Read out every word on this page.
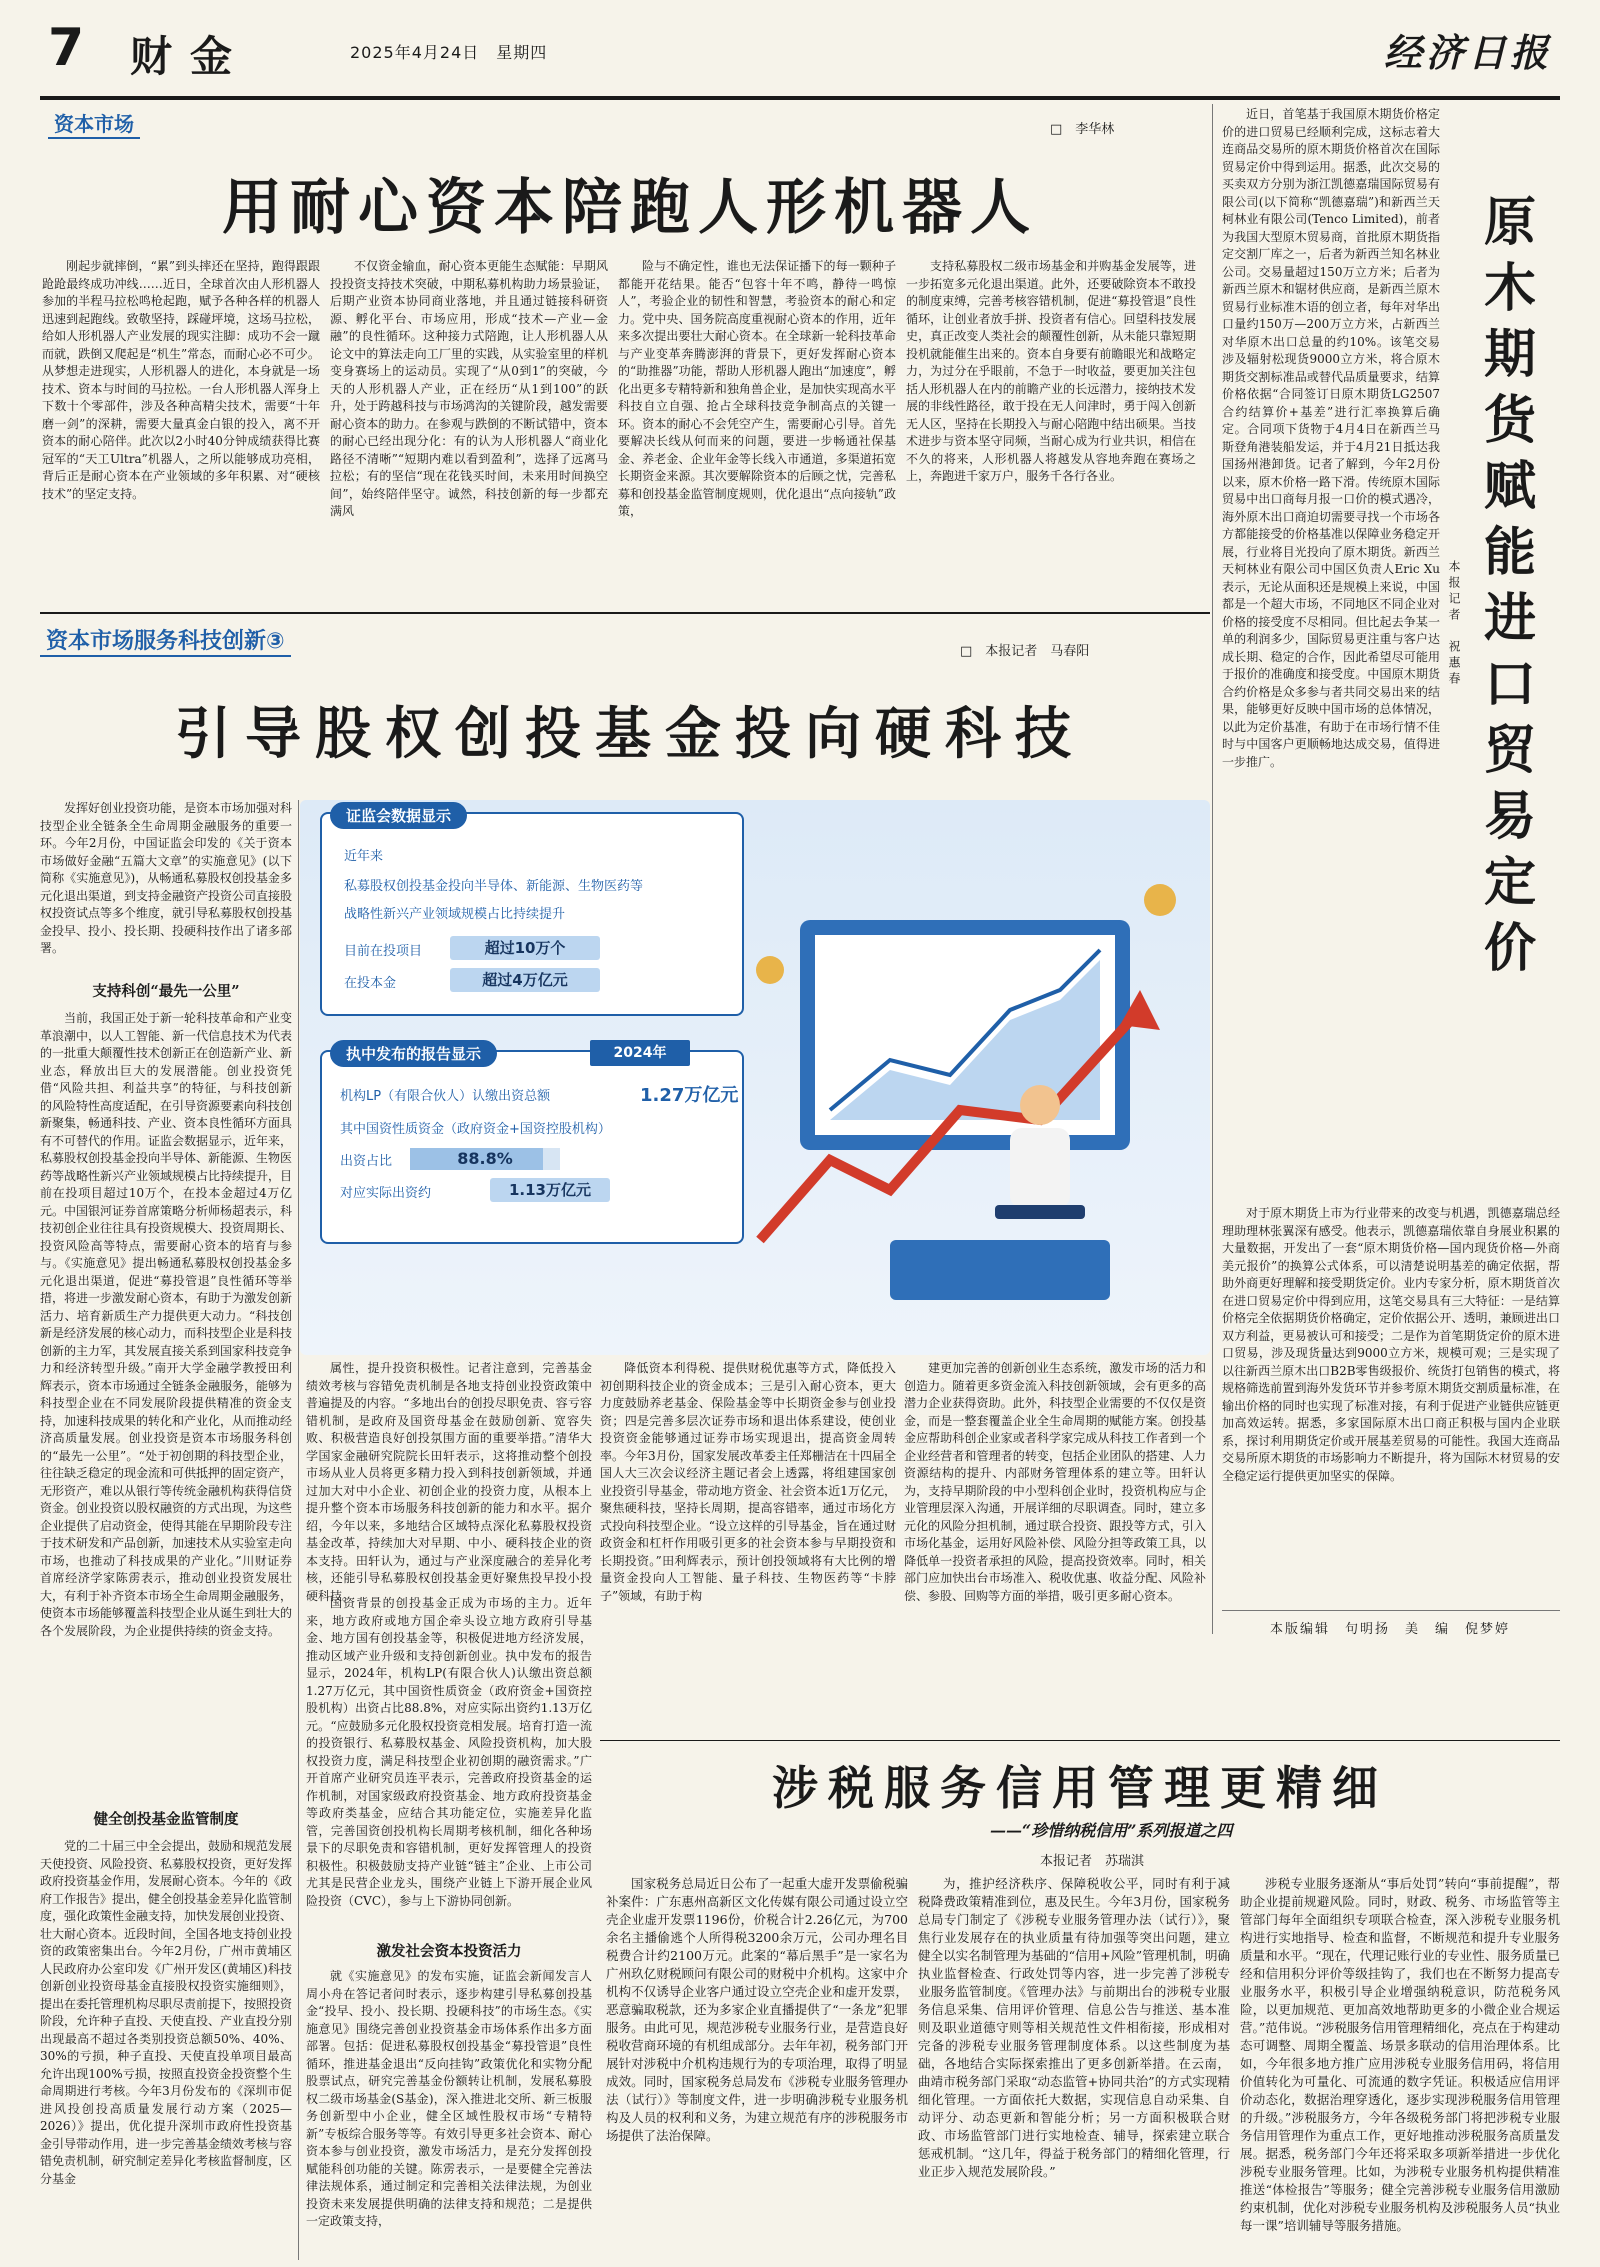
7 财金	2025年4月24日　星期四	经济日报
资本市场	□　李华林
用耐心资本陪跑人形机器人
刚起步就摔倒，“累”到头摔还在坚持，跑得跟跟跄跄最终成功冲线……近日，全球首次由人形机器人参加的半程马拉松鸣枪起跑，赋予各种各样的机器人迅速到起跑线。致敬坚持，踩碰坪境，这场马拉松，给如人形机器人产业发展的现实注脚：成功不会一蹴而就，跌倒又爬起是“机生”常态，而耐心必不可少。从梦想走进现实，人形机器人的进化，本身就是一场技术、资本与时间的马拉松。一台人形机器人浑身上下数十个零部件，涉及各种高精尖技术，需要“十年磨一剑”的深耕，需要大量真金白银的投入，离不开资本的耐心陪伴。此次以2小时40分钟成绩获得比赛冠军的“天工Ultra”机器人，之所以能够成功亮相，背后正是耐心资本在产业领域的多年积累、对“硬核技术”的坚定支持。
不仅资金输血，耐心资本更能生态赋能：早期风投投资支持技术突破，中期私募机构助力场景验证，后期产业资本协同商业落地，并且通过链接科研资源、孵化平台、市场应用，形成“技术—产业—金融”的良性循环。这种接力式陪跑，让人形机器人从论文中的算法走向工厂里的实践，从实验室里的样机变身赛场上的运动员。实现了“从0到1”的突破，今天的人形机器人产业，正在经历“从1到100”的跃升，处于跨越科技与市场鸿沟的关键阶段，越发需要耐心资本的助力。在参观与跌倒的不断试错中，资本的耐心已经出现分化：有的认为人形机器人“商业化路径不清晰”“短期内难以看到盈利”，选择了远离马拉松；有的坚信“现在花钱买时间，未来用时间换空间”，始终陪伴坚守。诚然，科技创新的每一步都充满风
险与不确定性，谁也无法保证播下的每一颗种子都能开花结果。能否“包容十年不鸣，静待一鸣惊人”，考验企业的韧性和智慧，考验资本的耐心和定力。党中央、国务院高度重视耐心资本的作用，近年来多次提出要壮大耐心资本。在全球新一轮科技革命与产业变革奔腾澎湃的背景下，更好发挥耐心资本的“助推器”功能，帮助人形机器人跑出“加速度”，孵化出更多专精特新和独角兽企业，是加快实现高水平科技自立自强、抢占全球科技竞争制高点的关键一环。资本的耐心不会凭空产生，需要耐心引导。首先要解决长线从何而来的问题，要进一步畅通社保基金、养老金、企业年金等长线入市通道，多渠道拓宽长期资金来源。其次要解除资本的后顾之忧，完善私募和创投基金监管制度规则，优化退出“点向接轨”政策，
支持私募股权二级市场基金和并购基金发展等，进一步拓宽多元化退出渠道。此外，还要破除资本不敢投的制度束缚，完善考核容错机制，促进“募投管退”良性循环，让创业者放手拼、投资者有信心。回望科技发展史，真正改变人类社会的颠覆性创新，从未能只靠短期投机就能催生出来的。资本自身要有前瞻眼光和战略定力，为过分在乎眼前，不急于一时收益，要更加关注包括人形机器人在内的前瞻产业的长远潜力，接纳技术发展的非线性路径，敢于投在无人问津时，勇于闯入创新无人区，坚持在长期投入与耐心陪跑中结出硕果。当技术进步与资本坚守同频，当耐心成为行业共识，相信在不久的将来，人形机器人将越发从容地奔跑在赛场之上，奔跑进千家万户，服务千各行各业。
资本市场服务科技创新③	□　本报记者　马春阳
引导股权创投基金投向硬科技
发挥好创业投资功能，是资本市场加强对科技型企业全链条全生命周期金融服务的重要一环。今年2月份，中国证监会印发的《关于资本市场做好金融“五篇大文章”的实施意见》(以下简称《实施意见》)，从畅通私募股权创投基金多元化退出渠道，到支持金融资产投资公司直接股权投资试点等多个维度，就引导私募股权创投基金投早、投小、投长期、投硬科技作出了诸多部署。
支持科创“最先一公里”
当前，我国正处于新一轮科技革命和产业变革浪潮中，以人工智能、新一代信息技术为代表的一批重大颠覆性技术创新正在创造新产业、新业态，释放出巨大的发展潜能。创业投资凭借“风险共担、利益共享”的特征，与科技创新的风险特性高度适配，在引导资源要素向科技创新聚集，畅通科技、产业、资本良性循环方面具有不可替代的作用。证监会数据显示，近年来，私募股权创投基金投向半导体、新能源、生物医药等战略性新兴产业领域规模占比持续提升，目前在投项目超过10万个，在投本金超过4万亿元。中国银河证券首席策略分析师杨超表示，科技初创企业往往具有投资规模大、投资周期长、投资风险高等特点，需要耐心资本的培育与参与。《实施意见》提出畅通私募股权创投基金多元化退出渠道，促进“募投管退”良性循环等举措，将进一步激发耐心资本，有助于为激发创新活力、培育新质生产力提供更大动力。“科技创新是经济发展的核心动力，而科技型企业是科技创新的主力军，其发展直接关系到国家科技竞争力和经济转型升级。”南开大学金融学教授田利辉表示，资本市场通过全链条金融服务，能够为科技型企业在不同发展阶段提供精准的资金支持，加速科技成果的转化和产业化，从而推动经济高质量发展。创业投资是资本市场服务科创的“最先一公里”。“处于初创期的科技型企业，往往缺乏稳定的现金流和可供抵押的固定资产，无形资产，难以从银行等传统金融机构获得信贷资金。创业投资以股权融资的方式出现，为这些企业提供了启动资金，使得其能在早期阶段专注于技术研发和产品创新，加速技术从实验室走向市场，也推动了科技成果的产业化。”川财证券首席经济学家陈雳表示，推动创业投资发展壮大，有利于补齐资本市场全生命周期金融服务，使资本市场能够覆盖科技型企业从诞生到壮大的各个发展阶段，为企业提供持续的资金支持。
健全创投基金监管制度
党的二十届三中全会提出，鼓励和规范发展天使投资、风险投资、私募股权投资，更好发挥政府投资基金作用，发展耐心资本。今年的《政府工作报告》提出，健全创投基金差异化监管制度，强化政策性金融支持，加快发展创业投资、壮大耐心资本。近段时间，全国各地支持创业投资的政策密集出台。今年2月份，广州市黄埔区人民政府办公室印发《广州开发区(黄埔区)科技创新创业投资母基金直接股权投资实施细则》，提出在委托管理机构尽职尽责前提下，按照投资阶段，允许种子直投、天使直投、产业直投分别出现最高不超过各类别投资总额50%、40%、30%的亏损，种子直投、天使直投单项目最高允许出现100%亏损，按照直投资金投资整个生命周期进行考核。今年3月份发布的《深圳市促进风投创投高质量发展行动方案（2025—2026）》提出，优化提升深圳市政府性投资基金引导带动作用，进一步完善基金绩效考核与容错免责机制，研究制定差异化考核监督制度，区分基金
证监会数据显示
近年来
私募股权创投基金投向半导体、新能源、生物医药等
战略性新兴产业领域规模占比持续提升
目前在投项目	超过10万个
在投本金	超过4万亿元
执中发布的报告显示	2024年
机构LP（有限合伙人）认缴出资总额	1.27万亿元
其中国资性质资金（政府资金+国资控股机构）
出资占比	88.8%
对应实际出资约	1.13万亿元
属性，提升投资积极性。记者注意到，完善基金绩效考核与容错免责机制是各地支持创业投资政策中普遍提及的内容。“多地出台的创投尽职免责、容亏容错机制，是政府及国资母基金在鼓励创新、宽容失败、积极营造良好创投氛围方面的重要举措。”清华大学国家金融研究院院长田轩表示，这将推动整个创投市场从业人员将更多精力投入到科技创新领域，并通过加大对中小企业、初创企业的投资力度，从根本上提升整个资本市场服务科技创新的能力和水平。据介绍，今年以来，多地结合区域特点深化私募股权投资基金改革，持续加大对早期、中小、硬科技企业的资本支持。田轩认为，通过与产业深度融合的差异化考核，还能引导私募股权创投基金更好聚焦投早投小投硬科技。
国资背景的创投基金正成为市场的主力。近年来，地方政府或地方国企牵头设立地方政府引导基金、地方国有创投基金等，积极促进地方经济发展，推动区域产业升级和支持创新创业。执中发布的报告显示，2024年，机构LP(有限合伙人)认缴出资总额1.27万亿元，其中国资性质资金（政府资金+国资控股机构）出资占比88.8%，对应实际出资约1.13万亿元。“应鼓励多元化股权投资竞相发展。培育打造一流的投资银行、私募股权基金、风险投资机构，加大股权投资力度，满足科技型企业初创期的融资需求。”广开首席产业研究员连平表示，完善政府投资基金的运作机制，对国家级政府投资基金、地方政府投资基金等政府类基金，应结合其功能定位，实施差异化监管，完善国资创投机构长周期考核机制，细化各种场景下的尽职免责和容错机制，更好发挥管理人的投资积极性。积极鼓励支持产业链“链主”企业、上市公司尤其是民营企业龙头，围绕产业链上下游开展企业风险投资（CVC），参与上下游协同创新。
激发社会资本投资活力
就《实施意见》的发布实施，证监会新闻发言人周小舟在答记者问时表示，逐步构建引导私募创投基金“投早、投小、投长期、投硬科技”的市场生态。《实施意见》围绕完善创业投资基金市场体系作出多方面部署。包括：促进私募股权创投基金“募投管退”良性循环，推进基金退出“反向挂钩”政策优化和实物分配股票试点，研究完善基金份额转让机制，发展私募股权二级市场基金(S基金)，深入推进北交所、新三板服务创新型中小企业，健全区域性股权市场“专精特新”专板综合服务等等。有效引导更多社会资本、耐心资本参与创业投资，激发市场活力，是充分发挥创投赋能科创功能的关键。陈雳表示，一是要健全完善法律法规体系，通过制定和完善相关法律法规，为创业投资未来发展提供明确的法律支持和规范；二是提供一定政策支持，
降低资本利得税、提供财税优惠等方式，降低投入初创期科技企业的资金成本；三是引入耐心资本，更大力度鼓励养老基金、保险基金等中长期资金参与创业投资；四是完善多层次证券市场和退出体系建设，使创业投资资金能够通过证券市场实现退出，提高资金周转率。今年3月份，国家发展改革委主任郑栅洁在十四届全国人大三次会议经济主题记者会上透露，将组建国家创业投资引导基金，带动地方资金、社会资本近1万亿元，聚焦硬科技，坚持长周期，提高容错率，通过市场化方式投向科技型企业。“设立这样的引导基金，旨在通过财政资金和杠杆作用吸引更多的社会资本参与早期投资和长期投资。”田利辉表示，预计创投领域将有大比例的增量资金投向人工智能、量子科技、生物医药等“卡脖子”领域，有助于构
建更加完善的创新创业生态系统，激发市场的活力和创造力。随着更多资金流入科技创新领域，会有更多的高潜力企业获得资助。此外，科技型企业需要的不仅仅是资金，而是一整套覆盖企业全生命周期的赋能方案。创投基金应帮助科创企业家或者科学家完成从科技工作者到一个企业经营者和管理者的转变，包括企业团队的搭建、人力资源结构的提升、内部财务管理体系的建立等。田轩认为，支持早期阶段的中小型科创企业时，投资机构应与企业管理层深入沟通，开展详细的尽职调查。同时，建立多元化的风险分担机制，通过联合投资、跟投等方式，引入市场化基金，运用好风险补偿、风险分担等政策工具，以降低单一投资者承担的风险，提高投资效率。同时，相关部门应加快出台市场准入、税收优惠、收益分配、风险补偿、参股、回购等方面的举措，吸引更多耐心资本。
近日，首笔基于我国原木期货价格定价的进口贸易已经顺利完成，这标志着大连商品交易所的原木期货价格首次在国际贸易定价中得到运用。据悉，此次交易的买卖双方分别为浙江凯德嘉瑞国际贸易有限公司(以下简称“凯德嘉瑞”)和新西兰天柯林业有限公司(Tenco Limited)，前者为我国大型原木贸易商，首批原木期货指定交割厂库之一，后者为新西兰知名林业公司。交易量超过150万立方米；后者为新西兰原木和锯材供应商，是新西兰原木贸易行业标准木语的创立者，每年对华出口量约150万—200万立方米，占新西兰对华原木出口总量的约10%。该笔交易涉及辐射松现货9000立方米，将合原木期货交割标准品或替代品质量要求，结算价格依据“合同签订日原木期货LG2507合约结算价+基差”进行汇率换算后确定。合同项下货物于4月4日在新西兰马斯登角港装船发运，并于4月21日抵达我国扬州港卸货。记者了解到，今年2月份以来，原木价格一路下滑。传统原木国际贸易中出口商每月报一口价的模式遇冷，海外原木出口商迫切需要寻找一个市场各方都能接受的价格基准以保障业务稳定开展，行业将目光投向了原木期货。新西兰天柯林业有限公司中国区负责人Eric Xu表示，无论从面积还是规模上来说，中国都是一个超大市场，不同地区不同企业对价格的接受度不尽相同。但比起去争某一单的利润多少，国际贸易更注重与客户达成长期、稳定的合作，因此希望尽可能用于报价的准确度和接受度。中国原木期货合约价格是众多参与者共同交易出来的结果，能够更好反映中国市场的总体情况，以此为定价基准，有助于在市场行情不佳时与中国客户更顺畅地达成交易，值得进一步推广。
原木期货赋能进口贸易定价
本报记者　祝惠春
对于原木期货上市为行业带来的改变与机遇，凯德嘉瑞总经理助理林张翼深有感受。他表示，凯德嘉瑞依靠自身展业积累的大量数据，开发出了一套“原木期货价格—国内现货价格—外商美元报价”的换算公式体系，可以清楚说明基差的确定依据，帮助外商更好理解和接受期货定价。业内专家分析，原木期货首次在进口贸易定价中得到应用，这笔交易具有三大特征：一是结算价格完全依据期货价格确定，定价依据公开、透明，兼顾进出口双方利益，更易被认可和接受；二是作为首笔期货定价的原木进口贸易，涉及现货量达到9000立方米，规模可观；三是实现了以往新西兰原木出口B2B零售级报价、统货打包销售的模式，将规格筛选前置到海外发货环节并参考原木期货交割质量标准，在输出价格的同时也实现了标准对接，有利于促进产业链供应链更加高效运转。据悉，多家国际原木出口商正积极与国内企业联系，探讨利用期货定价或开展基差贸易的可能性。我国大连商品交易所原木期货的市场影响力不断提升，将为国际木材贸易的安全稳定运行提供更加坚实的保障。
本版编辑　句明扬　美　编　倪梦婷
涉税服务信用管理更精细
——“珍惜纳税信用”系列报道之四
本报记者　苏瑞淇
国家税务总局近日公布了一起重大虚开发票偷税骗补案件：广东惠州高新区文化传媒有限公司通过设立空壳企业虚开发票1196份，价税合计2.26亿元，为700余名主播偷逃个人所得税3200余万元，公司办理名目税费合计约2100万元。此案的“幕后黑手”是一家名为广州玖亿财税顾问有限公司的财税中介机构。这家中介机构不仅诱导企业客户通过设立空壳企业和虚开发票，恶意骗取税款，还为多家企业直播提供了“一条龙”犯罪服务。由此可见，规范涉税专业服务行业，是营造良好税收营商环境的有机组成部分。去年年初，税务部门开展针对涉税中介机构违规行为的专项治理，取得了明显成效。同时，国家税务总局发布《涉税专业服务管理办法（试行）》等制度文件，进一步明确涉税专业服务机构及人员的权利和义务，为建立规范有序的涉税服务市场提供了法治保障。
为，推护经济秩序、保障税收公平，同时有利于减税降费政策精准到位，惠及民生。今年3月份，国家税务总局专门制定了《涉税专业服务管理办法（试行）》，聚焦行业发展存在的执业质量有待加强等突出问题，建立健全以实名制管理为基础的“信用+风险”管理机制，明确执业监督检查、行政处罚等内容，进一步完善了涉税专业服务监管制度。《管理办法》与前期出台的涉税专业服务信息采集、信用评价管理、信息公告与推送、基本准则及职业道德守则等相关规范性文件相衔接，形成相对完备的涉税专业服务管理制度体系。以这些制度为基础，各地结合实际探索推出了更多创新举措。在云南，曲靖市税务部门采取“动态监管+协同共治”的方式实现精细化管理。一方面依托大数据，实现信息自动采集、自动评分、动态更新和智能分析；另一方面积极联合财政、市场监管部门进行实地检查、辅导，探索建立联合惩戒机制。“这几年，得益于税务部门的精细化管理，行业正步入规范发展阶段。”
涉税专业服务逐渐从“事后处罚”转向“事前提醒”，帮助企业提前规避风险。同时，财政、税务、市场监管等主管部门每年全面组织专项联合检查，深入涉税专业服务机构进行实地指导、检查和监督，不断规范和提升专业服务质量和水平。“现在，代理记账行业的专业性、服务质量已经和信用积分评价等级挂钩了，我们也在不断努力提高专业服务水平，积极引导企业增强纳税意识，防范税务风险，以更加规范、更加高效地帮助更多的小微企业合规运营。”范伟说。“涉税服务信用管理精细化，亮点在于构建动态可调整、周期全覆盖、场景多联动的信用治理体系。比如，今年很多地方推广应用涉税专业服务信用码，将信用价值转化为可量化、可流通的数字凭证。积极适应信用评价动态化，数据治理穿透化，逐步实现涉税服务信用管理的升级。”涉税服务方，今年各级税务部门将把涉税专业服务信用管理作为重点工作，更好地推动涉税服务高质量发展。据悉，税务部门今年还将采取多项新举措进一步优化涉税专业服务管理。比如，为涉税专业服务机构提供精准推送“体检报告”等服务；健全完善涉税专业服务信用激励约束机制，优化对涉税专业服务机构及涉税服务人员“执业每一课”培训辅导等服务措施。
